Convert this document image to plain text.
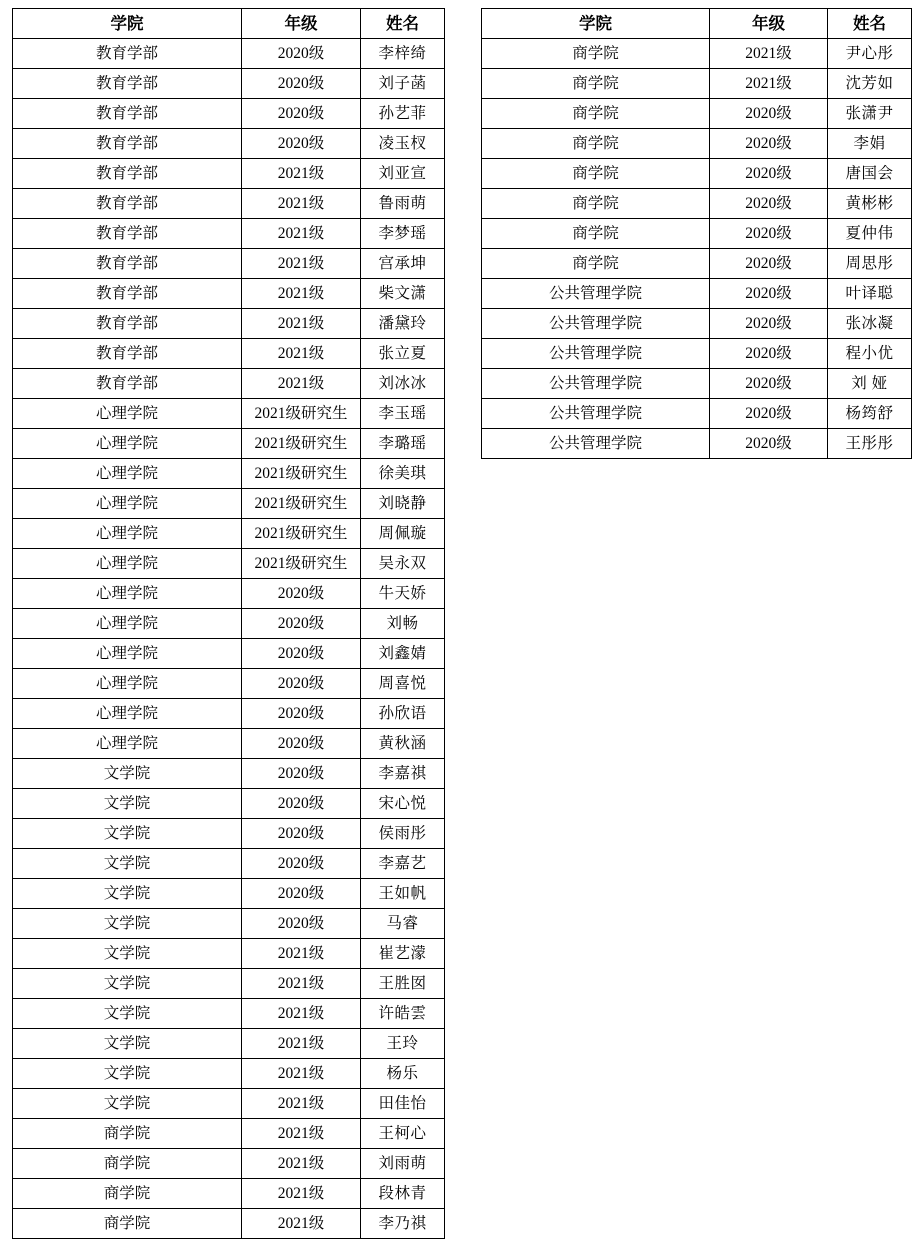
学院	年级	姓名
教育学部	2020级	李梓绮
教育学部	2020级	刘子菡
教育学部	2020级	孙艺菲
教育学部	2020级	凌玉杈
教育学部	2021级	刘亚宣
教育学部	2021级	鲁雨萌
教育学部	2021级	李梦瑶
教育学部	2021级	宫承坤
教育学部	2021级	柴文潇
教育学部	2021级	潘黛玲
教育学部	2021级	张立夏
教育学部	2021级	刘冰冰
心理学院	2021级研究生	李玉瑶
心理学院	2021级研究生	李璐瑶
心理学院	2021级研究生	徐美琪
心理学院	2021级研究生	刘晓静
心理学院	2021级研究生	周佩璇
心理学院	2021级研究生	吴永双
心理学院	2020级	牛天娇
心理学院	2020级	刘畅
心理学院	2020级	刘鑫婧
心理学院	2020级	周喜悦
心理学院	2020级	孙欣语
心理学院	2020级	黄秋涵
文学院	2020级	李嘉祺
文学院	2020级	宋心悦
文学院	2020级	侯雨彤
文学院	2020级	李嘉艺
文学院	2020级	王如帆
文学院	2020级	马睿
文学院	2021级	崔艺濛
文学院	2021级	王胜囡
文学院	2021级	许皓雲
文学院	2021级	王玲
文学院	2021级	杨乐
文学院	2021级	田佳怡
商学院	2021级	王柯心
商学院	2021级	刘雨萌
商学院	2021级	段林青
商学院	2021级	李乃祺
学院	年级	姓名
商学院	2021级	尹心彤
商学院	2021级	沈芳如
商学院	2020级	张潇尹
商学院	2020级	李娟
商学院	2020级	唐国会
商学院	2020级	黄彬彬
商学院	2020级	夏仲伟
商学院	2020级	周思彤
公共管理学院	2020级	叶译聪
公共管理学院	2020级	张冰凝
公共管理学院	2020级	程小优
公共管理学院	2020级	刘 娅
公共管理学院	2020级	杨筠舒
公共管理学院	2020级	王彤彤
